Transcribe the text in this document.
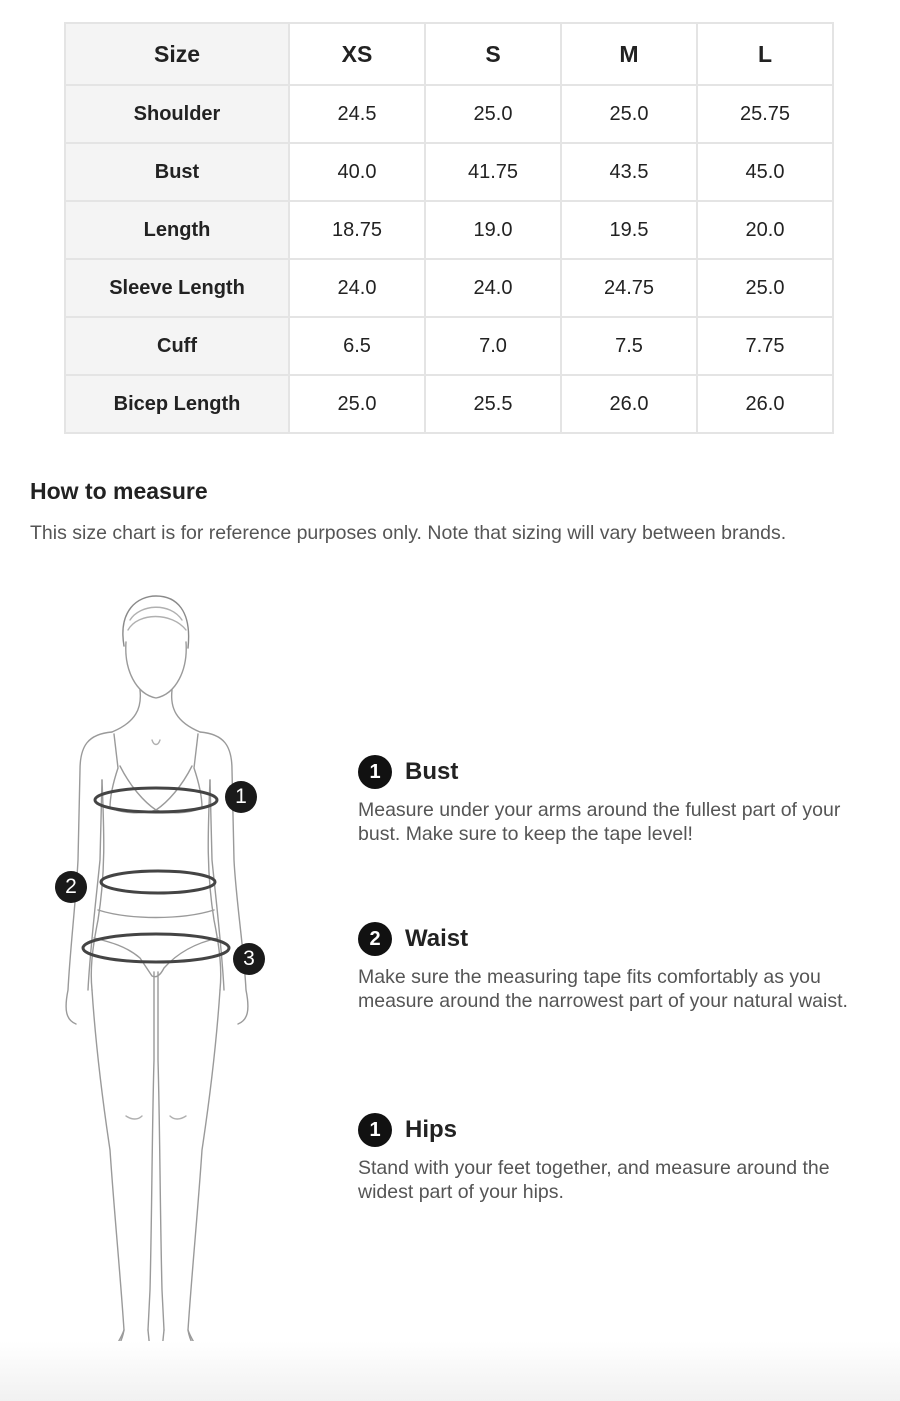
Size	XS	S	M	L
Shoulder	24.5	25.0	25.0	25.75
Bust	40.0	41.75	43.5	45.0
Length	18.75	19.0	19.5	20.0
Sleeve Length	24.0	24.0	24.75	25.0
Cuff	6.5	7.0	7.5	7.75
Bicep Length	25.0	25.5	26.0	26.0
How to measure
This size chart is for reference purposes only. Note that sizing will vary between brands.
1
2
3
1	Bust
Measure under your arms around the fullest part of your bust. Make sure to keep the tape level!
2	Waist
Make sure the measuring tape fits comfortably as you measure around the narrowest part of your natural waist.
1	Hips
Stand with your feet together, and measure around the widest part of your hips.
